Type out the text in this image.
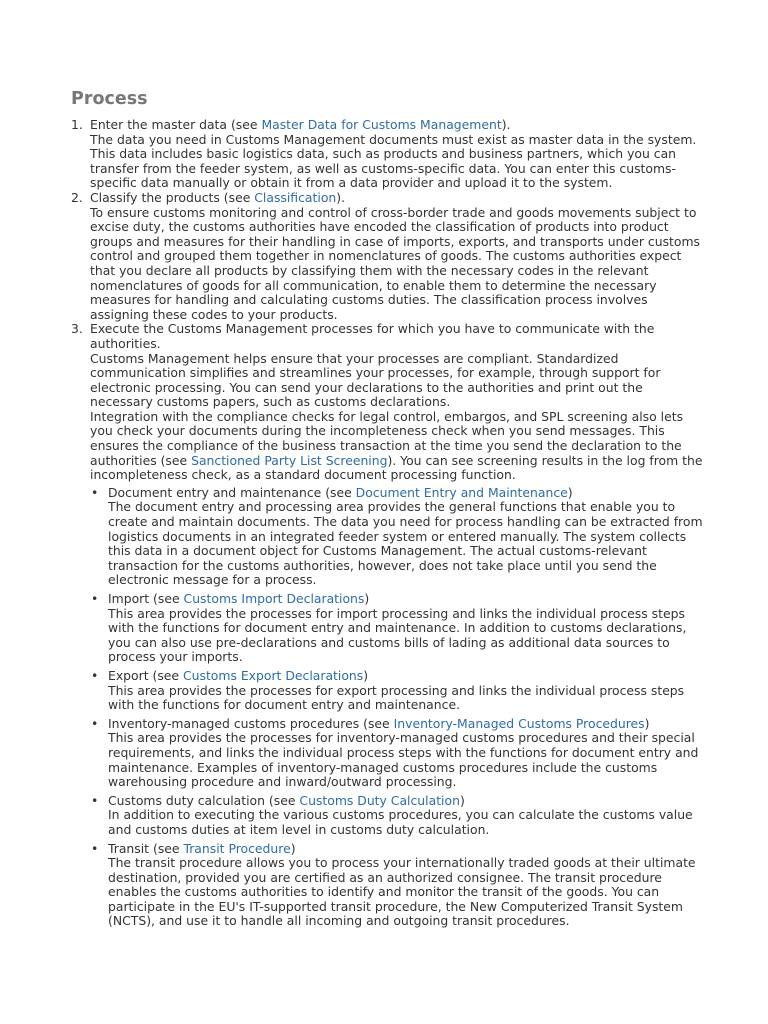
Process
1. Enter the master data (see Master Data for Customs Management).
The data you need in Customs Management documents must exist as master data in the system. This data includes basic logistics data, such as products and business partners, which you can transfer from the feeder system, as well as customs-specific data. You can enter this customs-specific data manually or obtain it from a data provider and upload it to the system.
2. Classify the products (see Classification).
To ensure customs monitoring and control of cross-border trade and goods movements subject to excise duty, the customs authorities have encoded the classification of products into product groups and measures for their handling in case of imports, exports, and transports under customs control and grouped them together in nomenclatures of goods. The customs authorities expect that you declare all products by classifying them with the necessary codes in the relevant nomenclatures of goods for all communication, to enable them to determine the necessary measures for handling and calculating customs duties. The classification process involves assigning these codes to your products.
3. Execute the Customs Management processes for which you have to communicate with the authorities.
Customs Management helps ensure that your processes are compliant. Standardized communication simplifies and streamlines your processes, for example, through support for electronic processing. You can send your declarations to the authorities and print out the necessary customs papers, such as customs declarations.
Integration with the compliance checks for legal control, embargos, and SPL screening also lets you check your documents during the incompleteness check when you send messages. This ensures the compliance of the business transaction at the time you send the declaration to the authorities (see Sanctioned Party List Screening). You can see screening results in the log from the incompleteness check, as a standard document processing function.
• Document entry and maintenance (see Document Entry and Maintenance)
The document entry and processing area provides the general functions that enable you to create and maintain documents. The data you need for process handling can be extracted from logistics documents in an integrated feeder system or entered manually. The system collects this data in a document object for Customs Management. The actual customs-relevant transaction for the customs authorities, however, does not take place until you send the electronic message for a process.
• Import (see Customs Import Declarations)
This area provides the processes for import processing and links the individual process steps with the functions for document entry and maintenance. In addition to customs declarations, you can also use pre-declarations and customs bills of lading as additional data sources to process your imports.
• Export (see Customs Export Declarations)
This area provides the processes for export processing and links the individual process steps with the functions for document entry and maintenance.
• Inventory-managed customs procedures (see Inventory-Managed Customs Procedures)
This area provides the processes for inventory-managed customs procedures and their special requirements, and links the individual process steps with the functions for document entry and maintenance. Examples of inventory-managed customs procedures include the customs warehousing procedure and inward/outward processing.
• Customs duty calculation (see Customs Duty Calculation)
In addition to executing the various customs procedures, you can calculate the customs value and customs duties at item level in customs duty calculation.
• Transit (see Transit Procedure)
The transit procedure allows you to process your internationally traded goods at their ultimate destination, provided you are certified as an authorized consignee. The transit procedure enables the customs authorities to identify and monitor the transit of the goods. You can participate in the EU's IT-supported transit procedure, the New Computerized Transit System (NCTS), and use it to handle all incoming and outgoing transit procedures.
